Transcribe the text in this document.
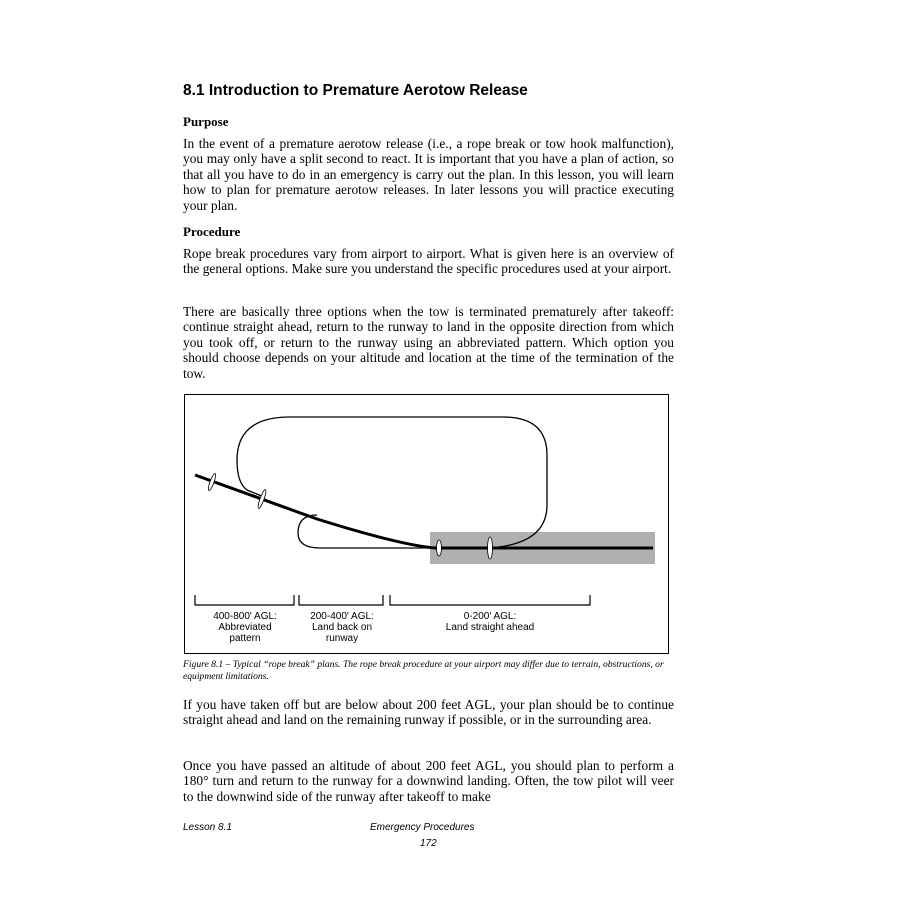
8.1 Introduction to Premature Aerotow Release
Purpose

In the event of a premature aerotow release (i.e., a rope break or tow hook malfunction), you may only have a split second to react. It is important that you have a plan of action, so that all you have to do in an emergency is carry out the plan. In this lesson, you will learn how to plan for premature aerotow releases. In later lessons you will practice executing your plan.

Procedure

Rope break procedures vary from airport to airport. What is given here is an overview of the general options. Make sure you understand the specific procedures used at your airport.

There are basically three options when the tow is terminated prematurely after takeoff: continue straight ahead, return to the runway to land in the opposite direction from which you took off, or return to the runway using an abbreviated pattern. Which option you should choose depends on your altitude and location at the time of the termination of the tow.

400-800' AGL:
Abbreviated
pattern
200-400' AGL:
Land back on
runway
0-200' AGL:
Land straight ahead

Figure 8.1 – Typical “rope break” plans. The rope break procedure at your airport may differ due to terrain, obstructions, or equipment limitations.

If you have taken off but are below about 200 feet AGL, your plan should be to continue straight ahead and land on the remaining runway if possible, or in the surrounding area.

Once you have passed an altitude of about 200 feet AGL, you should plan to perform a 180° turn and return to the runway for a downwind landing. Often, the tow pilot will veer to the downwind side of the runway after takeoff to make

Lesson 8.1	Emergency Procedures
172
